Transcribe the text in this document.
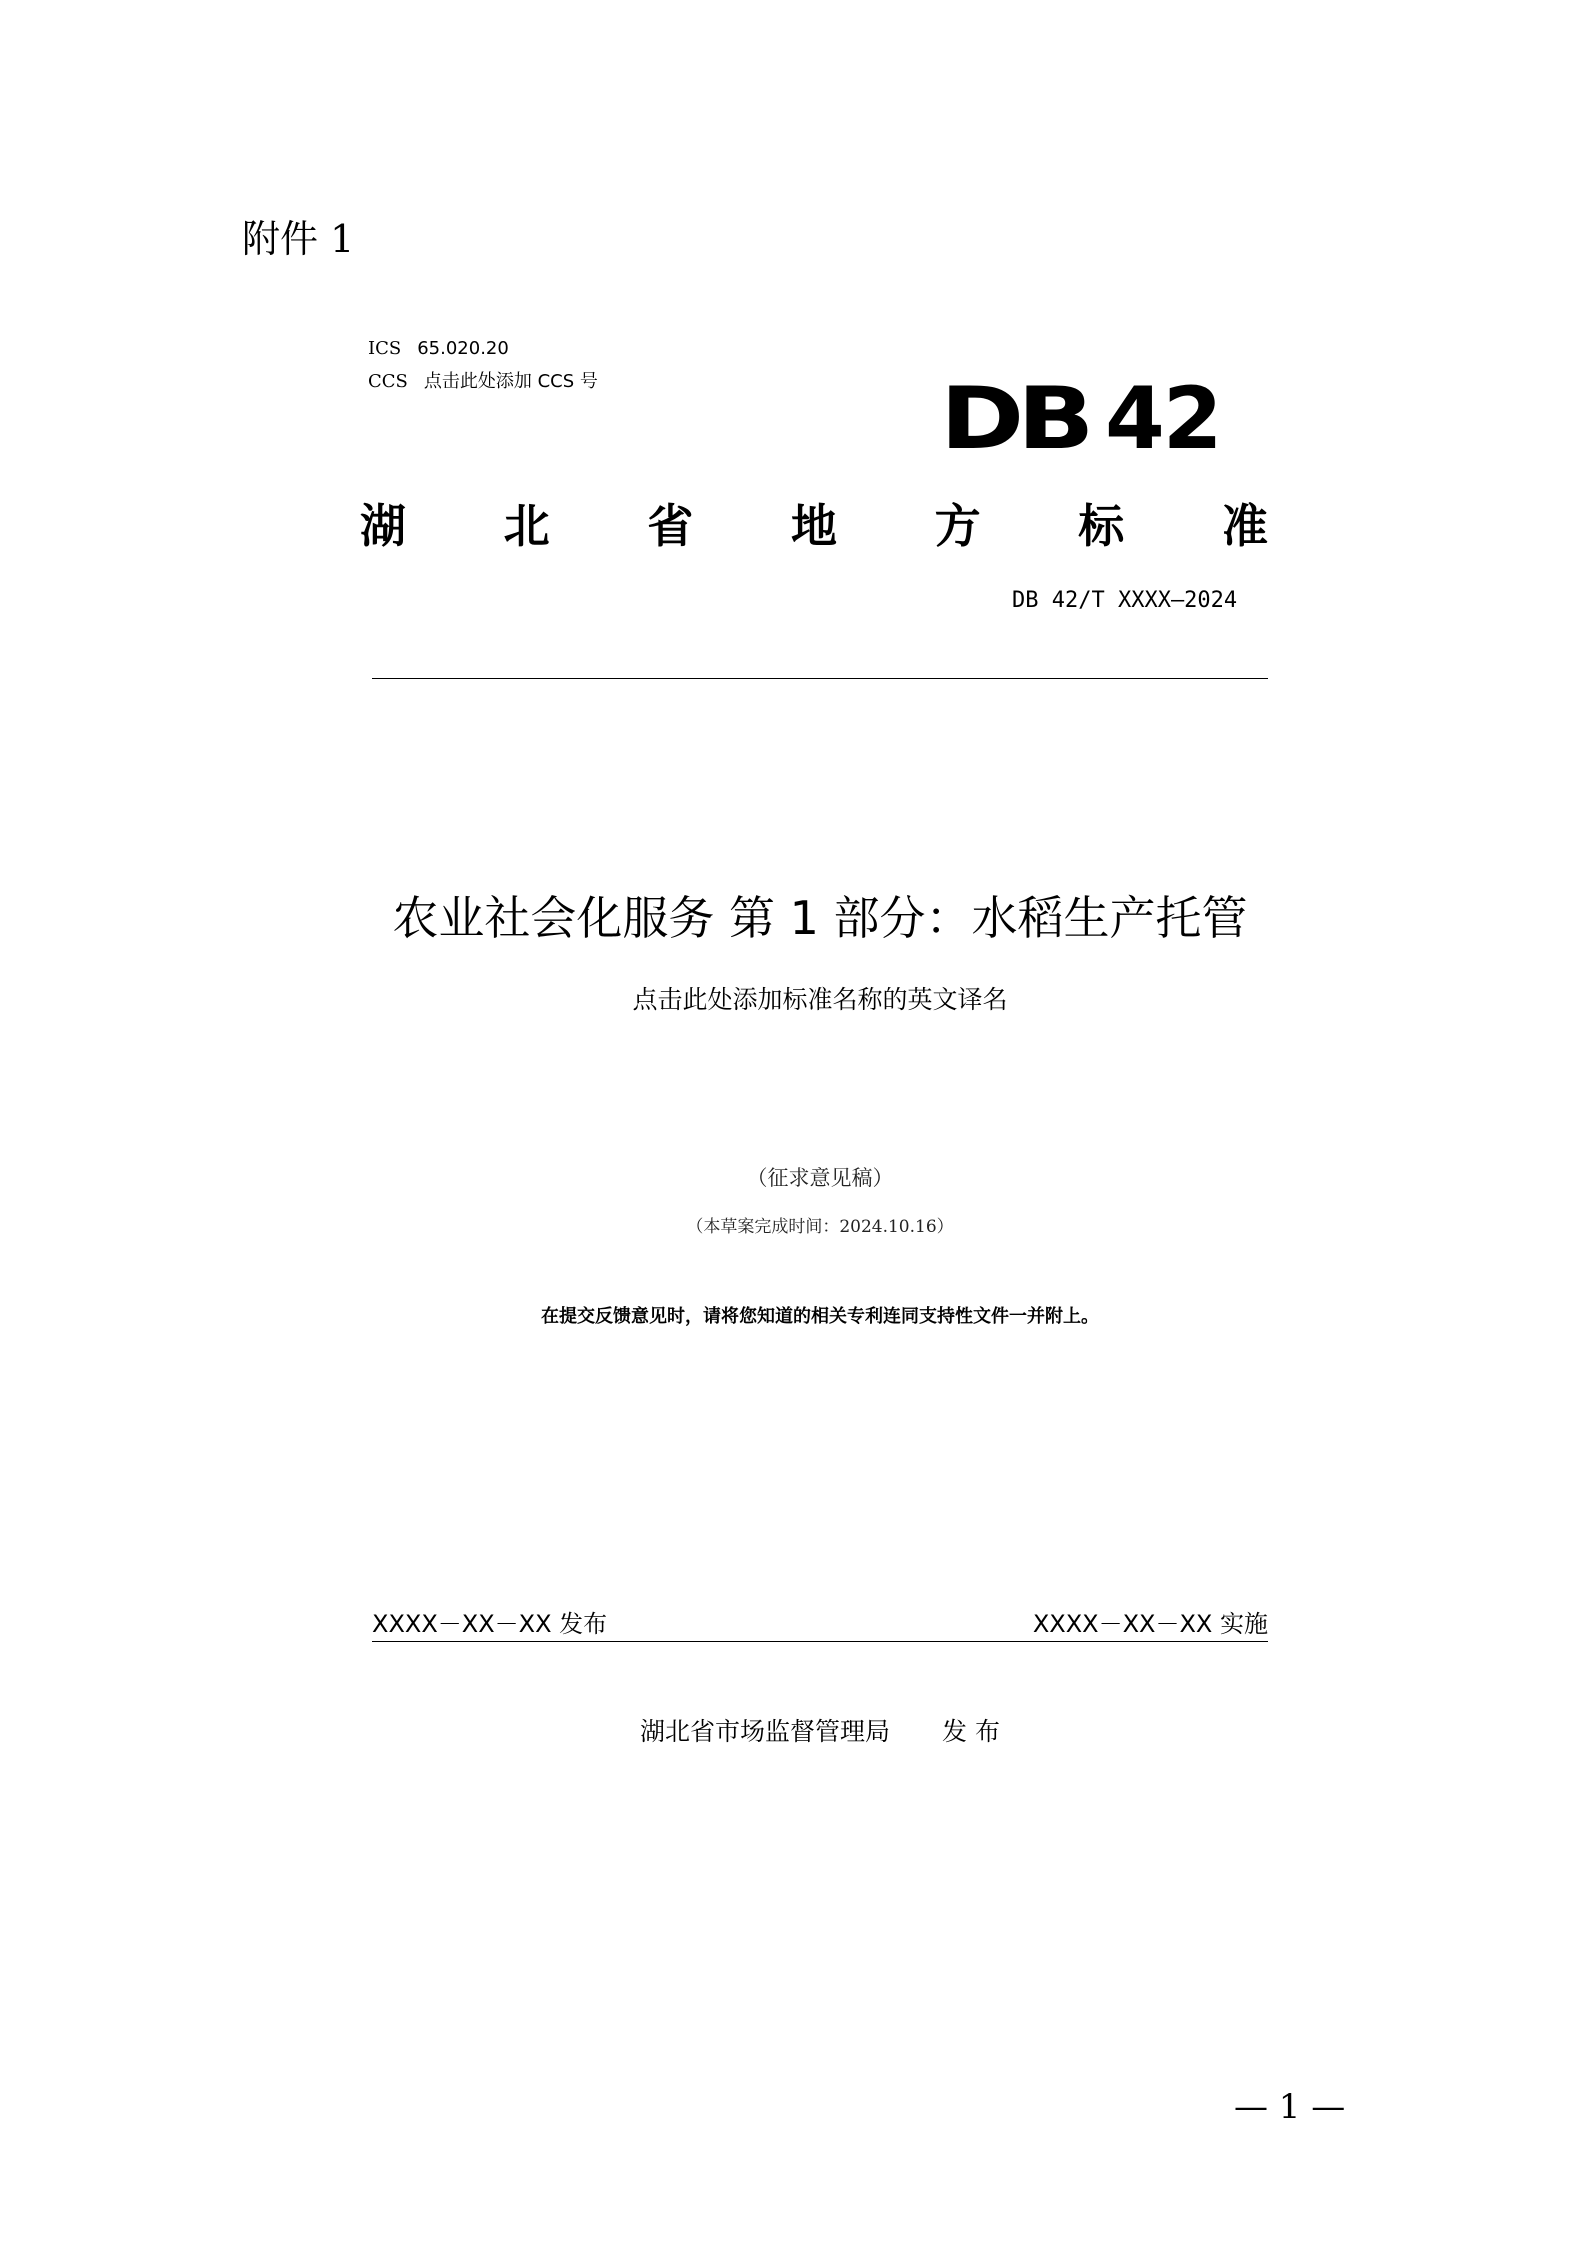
附件 1
ICS 65.020.20
CCS 点击此处添加 CCS 号	DB 42
湖 北 省 地 方 标 准
DB 42/T XXXX—2024
农业社会化服务 第 1 部分：水稻生产托管
点击此处添加标准名称的英文译名
（征求意见稿）
（本草案完成时间：2024.10.16）
在提交反馈意见时，请将您知道的相关专利连同支持性文件一并附上。
XXXX－XX－XX 发布	XXXX－XX－XX 实施
湖北省市场监督管理局 发 布
— 1 —
